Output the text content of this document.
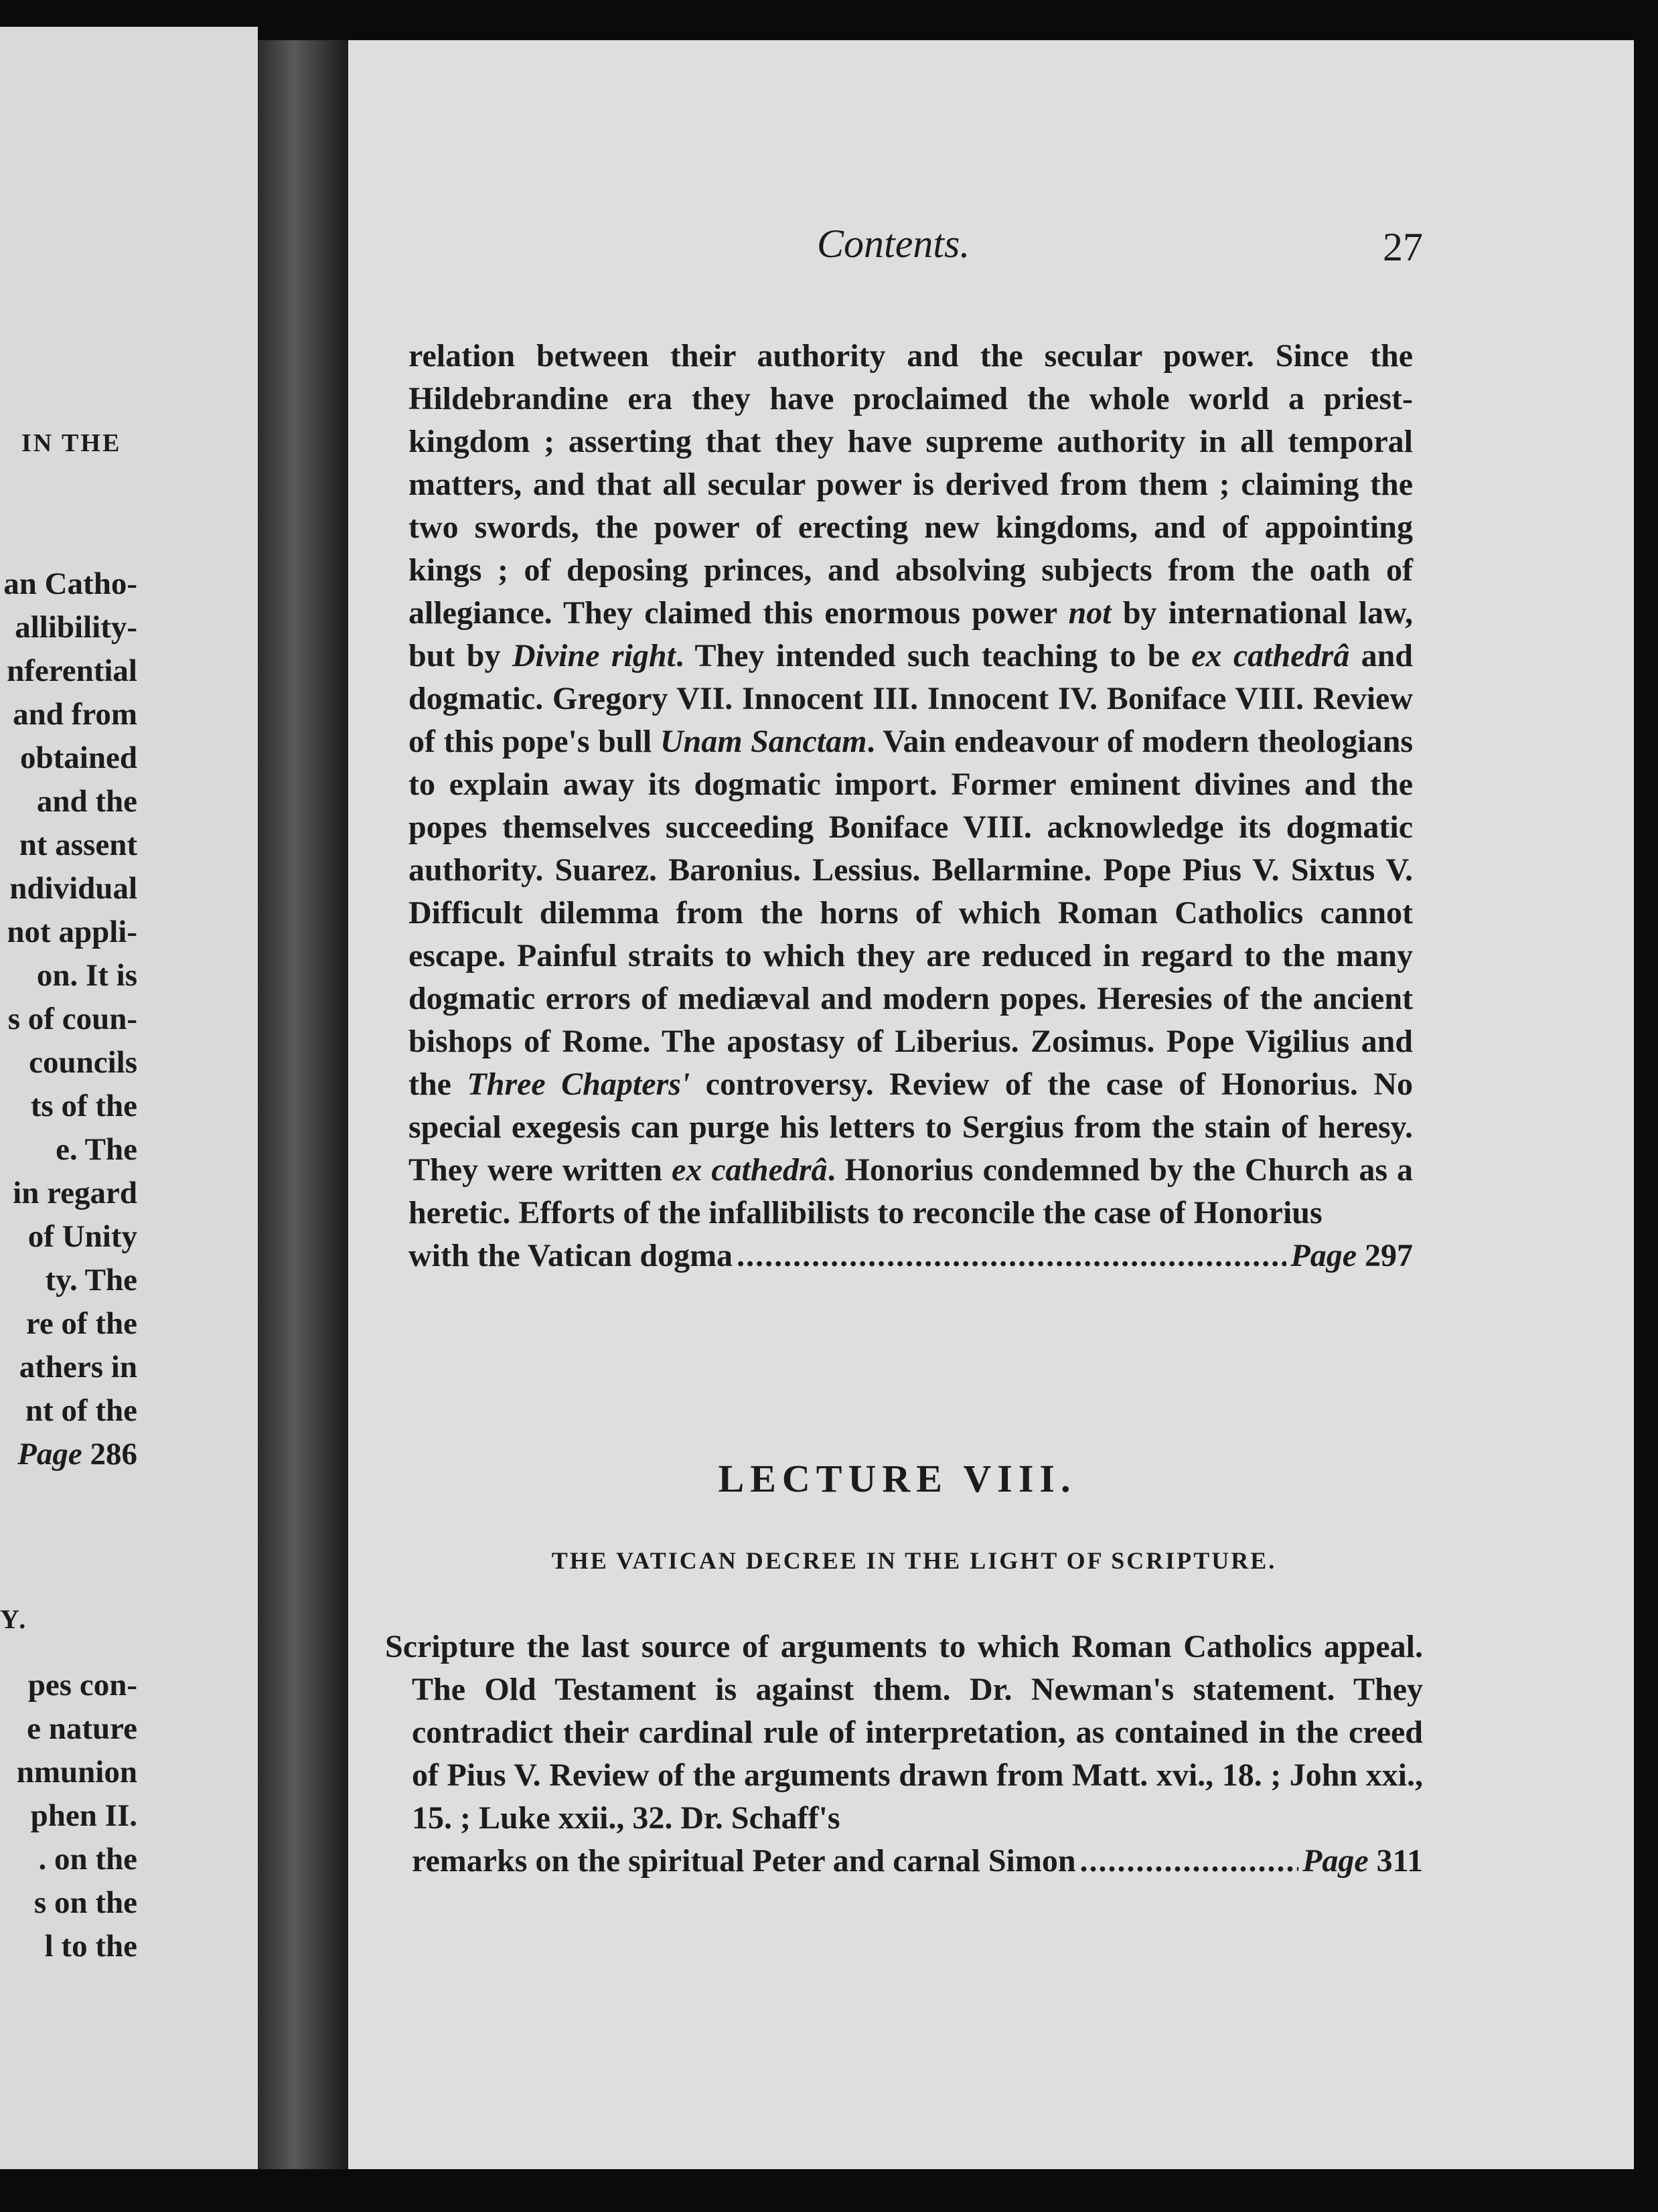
IN THE
an Catho-
allibility-
nferential
and from
obtained
and the
nt assent
ndividual
not appli-
on. It is
s of coun-
councils
ts of the
e. The
in regard
of Unity
ty. The
re of the
athers in
nt of the
Page 286
Y.
pes con-
e nature
nmunion
phen II.
. on the
s on the
l to the
Contents.	27
relation between their authority and the secular power. Since the Hildebrandine era they have proclaimed the whole world a priest-kingdom ; asserting that they have supreme authority in all temporal matters, and that all secular power is derived from them ; claiming the two swords, the power of erecting new kingdoms, and of appointing kings ; of deposing princes, and absolving subjects from the oath of allegiance. They claimed this enormous power not by international law, but by Divine right. They intended such teaching to be ex cathedrâ and dogmatic. Gregory VII. Innocent III. Innocent IV. Boniface VIII. Review of this pope's bull Unam Sanctam. Vain endeavour of modern theologians to explain away its dogmatic import. Former eminent divines and the popes themselves succeeding Boniface VIII. acknowledge its dogmatic authority. Suarez. Baronius. Lessius. Bellarmine. Pope Pius V. Sixtus V. Difficult dilemma from the horns of which Roman Catholics cannot escape. Painful straits to which they are reduced in regard to the many dogmatic errors of mediæval and modern popes. Heresies of the ancient bishops of Rome. The apostasy of Liberius. Zosimus. Pope Vigilius and the Three Chapters' controversy. Review of the case of Honorius. No special exegesis can purge his letters to Sergius from the stain of heresy. They were written ex cathedrâ. Honorius condemned by the Church as a heretic. Efforts of the infallibilists to reconcile the case of Honorius
with the Vatican dogma .....	Page 297
LECTURE VIII.
THE VATICAN DECREE IN THE LIGHT OF SCRIPTURE.
Scripture the last source of arguments to which Roman Catholics appeal. The Old Testament is against them. Dr. Newman's statement. They contradict their cardinal rule of interpretation, as contained in the creed of Pius V. Review of the arguments drawn from Matt. xvi., 18. ; John xxi., 15. ; Luke xxii., 32. Dr. Schaff's
remarks on the spiritual Peter and carnal Simon .....	Page 311
